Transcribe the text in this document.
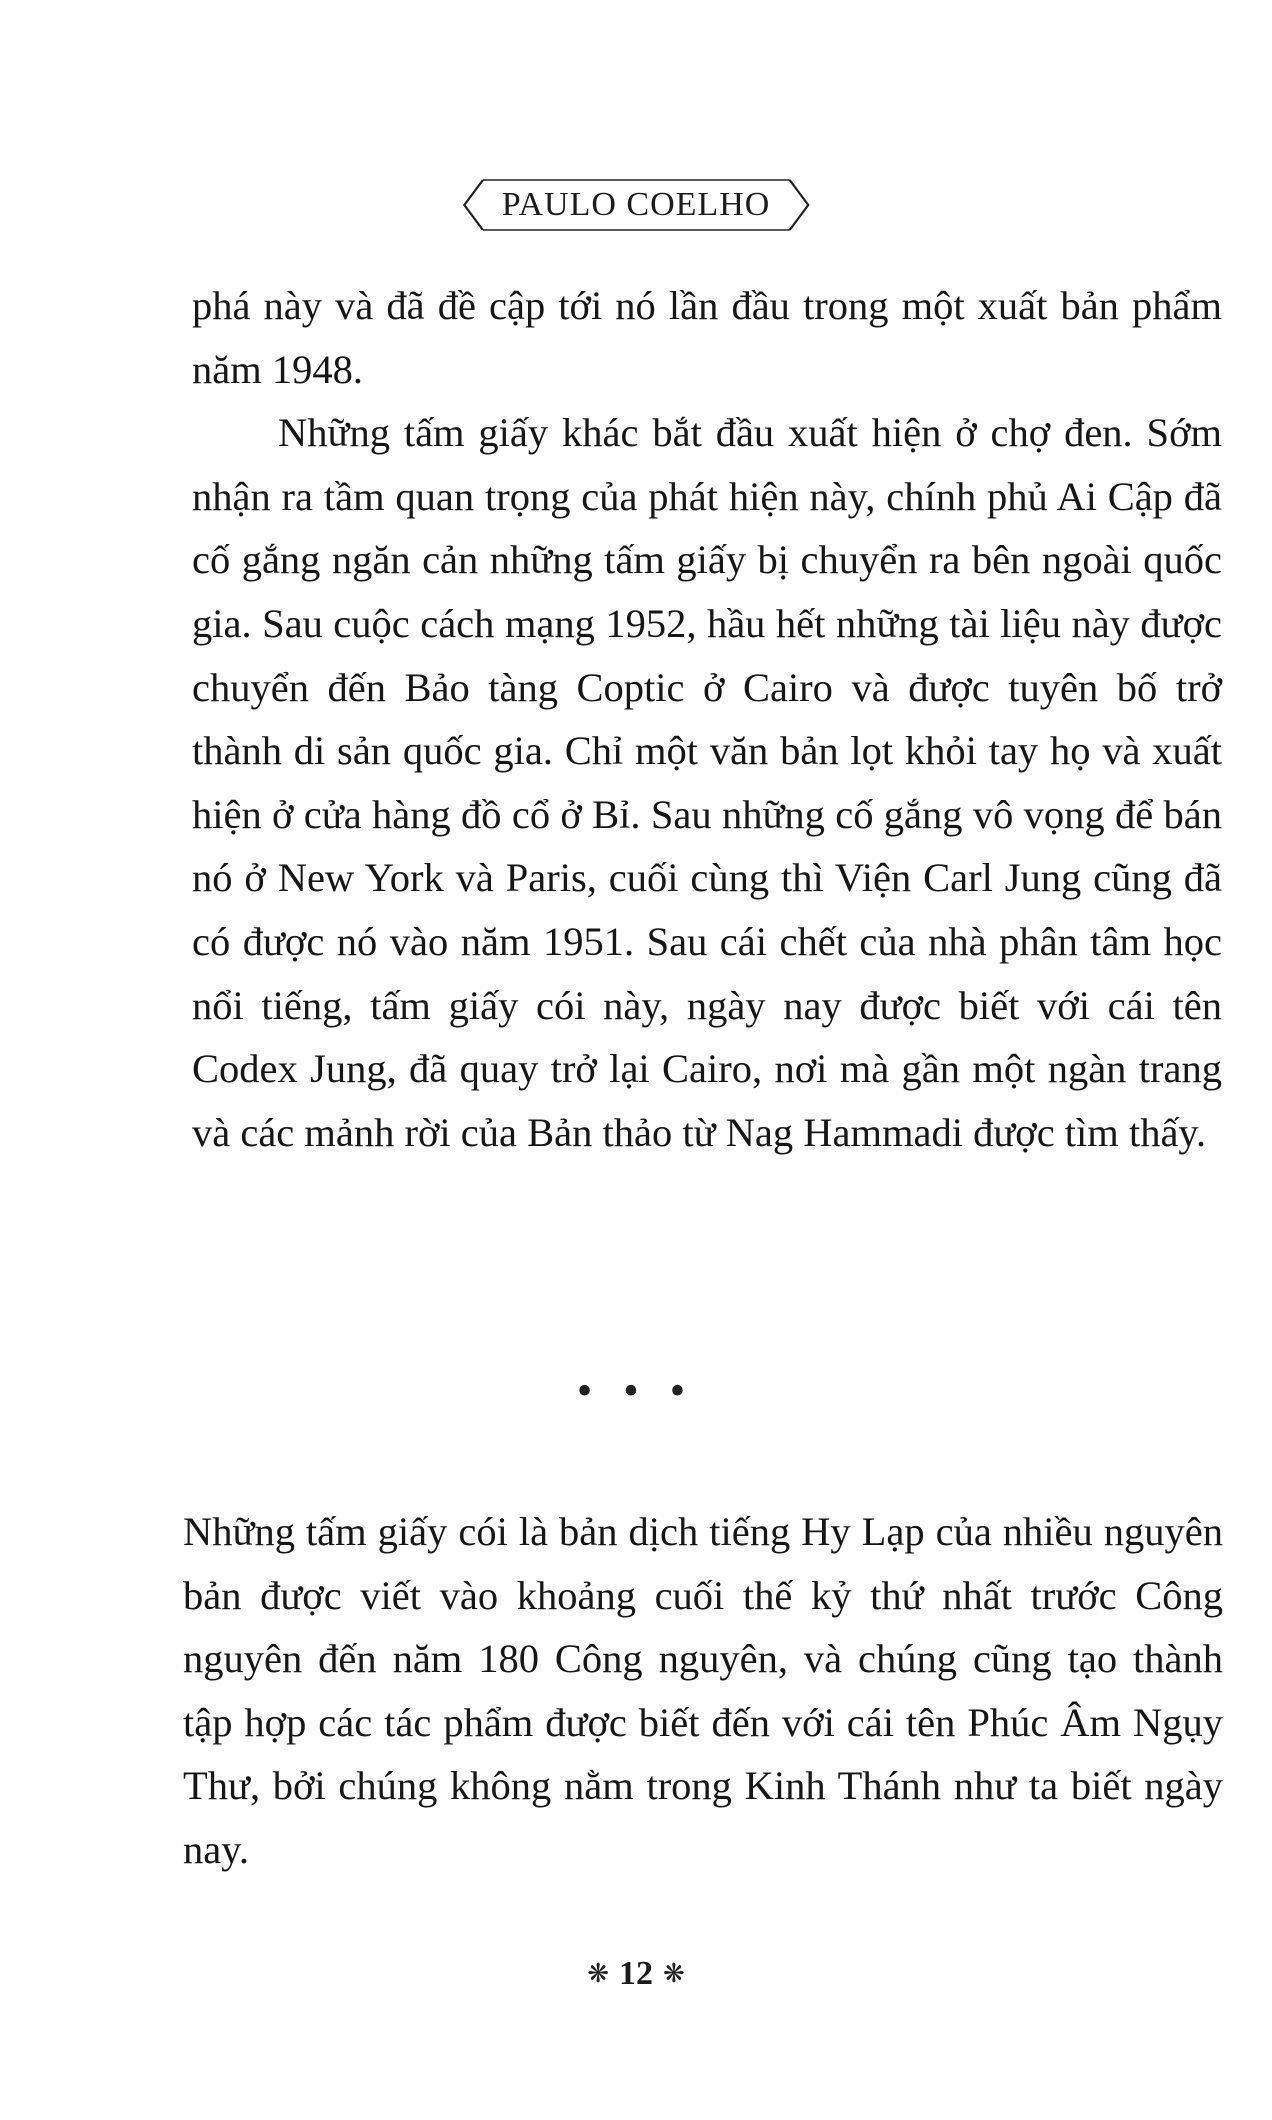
PAULO COELHO

phá này và đã đề cập tới nó lần đầu trong một xuất bản phẩm năm 1948.

Những tấm giấy khác bắt đầu xuất hiện ở chợ đen. Sớm nhận ra tầm quan trọng của phát hiện này, chính phủ Ai Cập đã cố gắng ngăn cản những tấm giấy bị chuyển ra bên ngoài quốc gia. Sau cuộc cách mạng 1952, hầu hết những tài liệu này được chuyển đến Bảo tàng Coptic ở Cairo và được tuyên bố trở thành di sản quốc gia. Chỉ một văn bản lọt khỏi tay họ và xuất hiện ở cửa hàng đồ cổ ở Bỉ. Sau những cố gắng vô vọng để bán nó ở New York và Paris, cuối cùng thì Viện Carl Jung cũng đã có được nó vào năm 1951. Sau cái chết của nhà phân tâm học nổi tiếng, tấm giấy cói này, ngày nay được biết với cái tên Codex Jung, đã quay trở lại Cairo, nơi mà gần một ngàn trang và các mảnh rời của Bản thảo từ Nag Hammadi được tìm thấy.

• • •

Những tấm giấy cói là bản dịch tiếng Hy Lạp của nhiều nguyên bản được viết vào khoảng cuối thế kỷ thứ nhất trước Công nguyên đến năm 180 Công nguyên, và chúng cũng tạo thành tập hợp các tác phẩm được biết đến với cái tên Phúc Âm Ngụy Thư, bởi chúng không nằm trong Kinh Thánh như ta biết ngày nay.

❋ 12 ❋
